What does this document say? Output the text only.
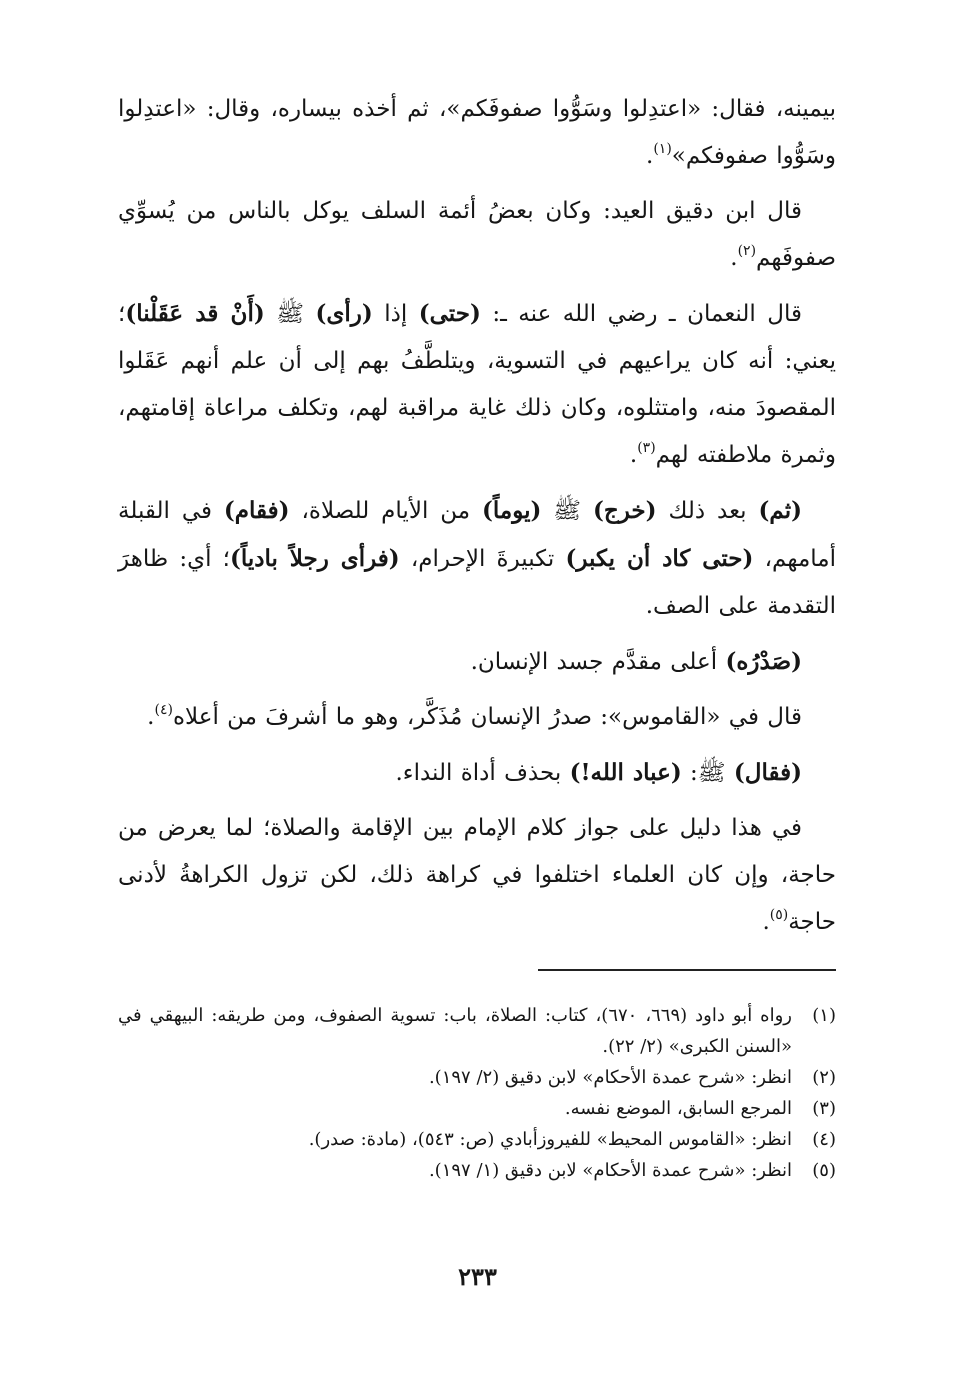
بيمينه، فقال: «اعتدِلوا وسَوُّوا صفوفَكم»، ثم أخذه بيساره، وقال: «اعتدِلوا وسَوُّوا صفوفكم»$^{(١)}$.

قال ابن دقيق العيد: وكان بعضُ أئمة السلف يوكل بالناس من يُسوِّي صفوفَهم$^{(٢)}$.

قال النعمان ـ رضي الله عنه ـ: (حتى) إذا (رأى) ﷺ (أَنْ قد عَقَلْنا)؛ يعني: أنه كان يراعيهم في التسوية، ويتلطَّفُ بهم إلى أن علم أنهم عَقَلوا المقصودَ منه، وامتثلوه، وكان ذلك غاية مراقبة لهم، وتكلف مراعاة إقامتهم، وثمرة ملاطفته لهم$^{(٣)}$.

(ثم) بعد ذلك (خرج) ﷺ (يوماً) من الأيام للصلاة، (فقام) في القبلة أمامهم، (حتى كاد أن يكبر) تكبيرةَ الإحرام، (فرأى رجلاً بادياً)؛ أي: ظاهرَ التقدمة على الصف.

(صَدْرُه) أعلى مقدَّم جسد الإنسان.

قال في «القاموس»: صدرُ الإنسان مُذَكَّر، وهو ما أشرفَ من أعلاه$^{(٤)}$.

(فقال) ﷺ: (عباد الله!) بحذف أداة النداء.

في هذا دليل على جواز كلام الإمام بين الإقامة والصلاة؛ لما يعرض من حاجة، وإن كان العلماء اختلفوا في كراهة ذلك، لكن تزول الكراهةُ لأدنى حاجة$^{(٥)}$.

(١)
رواه أبو داود (٦٦٩، ٦٧٠)، كتاب: الصلاة، باب: تسوية الصفوف، ومن طريقه: البيهقي في «السنن الكبرى» (٢/ ٢٢).
(٢)
انظر: «شرح عمدة الأحكام» لابن دقيق (٢/ ١٩٧).
(٣)
المرجع السابق، الموضع نفسه.
(٤)
انظر: «القاموس المحيط» للفيروزأبادي (ص: ٥٤٣)، (مادة: صدر).
(٥)
انظر: «شرح عمدة الأحكام» لابن دقيق (١/ ١٩٧).
٢٣٣
